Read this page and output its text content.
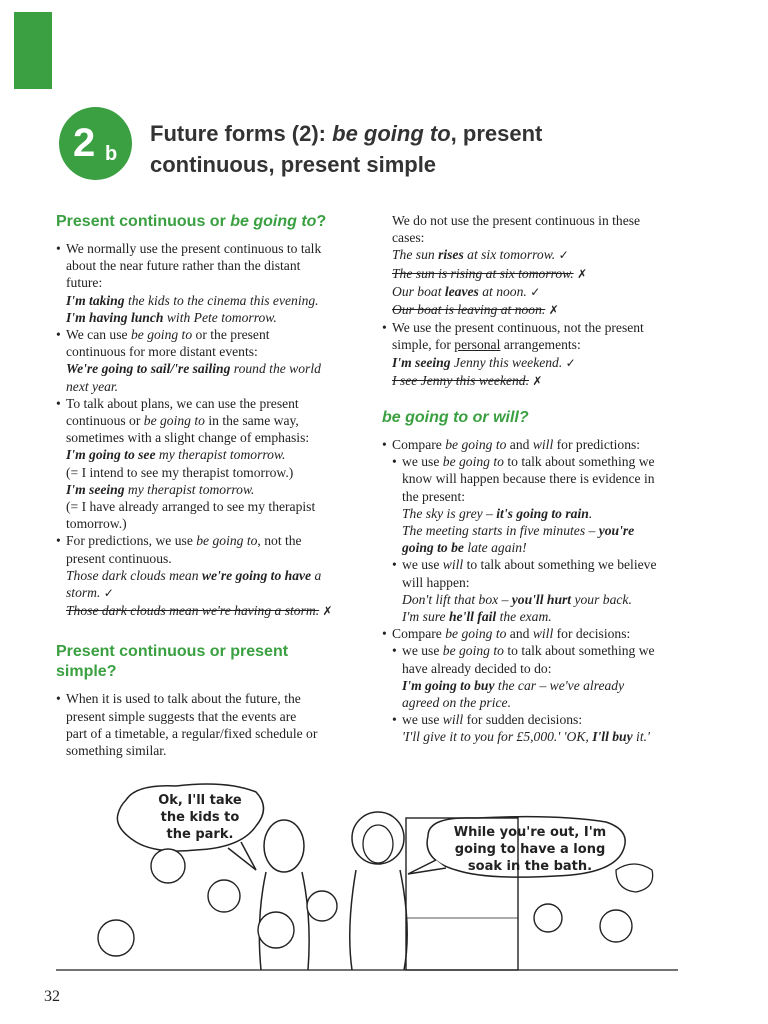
2 b
Future forms (2): be going to, present
continuous, present simple
Present continuous or be going to?
• We normally use the present continuous to talk
about the near future rather than the distant
future:
I'm taking the kids to the cinema this evening.
I'm having lunch with Pete tomorrow.
• We can use be going to or the present
continuous for more distant events:
We're going to sail/'re sailing round the world
next year.
• To talk about plans, we can use the present
continuous or be going to in the same way,
sometimes with a slight change of emphasis:
I'm going to see my therapist tomorrow.
(= I intend to see my therapist tomorrow.)
I'm seeing my therapist tomorrow.
(= I have already arranged to see my therapist
tomorrow.)
• For predictions, we use be going to, not the
present continuous.
Those dark clouds mean we're going to have a
storm. ✓
Those dark clouds mean we're having a storm. ✗
Present continuous or present
simple?
• When it is used to talk about the future, the
present simple suggests that the events are
part of a timetable, a regular/fixed schedule or
something similar.
We do not use the present continuous in these
cases:
The sun rises at six tomorrow. ✓
The sun is rising at six tomorrow. ✗
Our boat leaves at noon. ✓
Our boat is leaving at noon. ✗
• We use the present continuous, not the present
simple, for personal arrangements:
I'm seeing Jenny this weekend. ✓
I see Jenny this weekend. ✗
be going to or will?
• Compare be going to and will for predictions:
• we use be going to to talk about something we
know will happen because there is evidence in
the present:
The sky is grey – it's going to rain.
The meeting starts in five minutes – you're
going to be late again!
• we use will to talk about something we believe
will happen:
Don't lift that box – you'll hurt your back.
I'm sure he'll fail the exam.
• Compare be going to and will for decisions:
• we use be going to to talk about something we
have already decided to do:
I'm going to buy the car – we've already
agreed on the price.
• we use will for sudden decisions:
'I'll give it to you for £5,000.' 'OK, I'll buy it.'
Ok, I'll take
the kids to
the park.	While you're out, I'm
going to have a long
soak in the bath.
32
